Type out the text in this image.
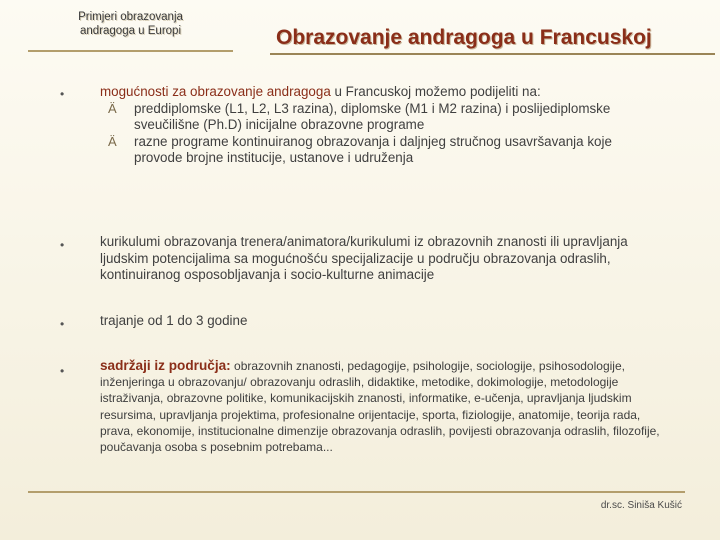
Primjeri obrazovanja
andragoga u Europi	Obrazovanje andragoga u Francuskoj
•	mogućnosti za obrazovanje andragoga u Francuskoj možemo podijeliti na:
Ä preddiplomske (L1, L2, L3 razina), diplomske (M1 i M2 razina) i poslijediplomske sveučilišne (Ph.D) inicijalne obrazovne programe
Ä razne programe kontinuiranog obrazovanja i daljnjeg stručnog usavršavanja koje provode brojne institucije, ustanove i udruženja
•	kurikulumi obrazovanja trenera/animatora/kurikulumi iz obrazovnih znanosti ili upravljanja ljudskim potencijalima sa mogućnošću specijalizacije u području obrazovanja odraslih, kontinuiranog osposobljavanja i socio-kulturne animacije
•	trajanje od 1 do 3 godine
•	sadržaji iz područja: obrazovnih znanosti, pedagogije, psihologije, sociologije, psihosodologije, inženjeringa u obrazovanju/ obrazovanju odraslih, didaktike, metodike, dokimologije, metodologije istraživanja, obrazovne politike, komunikacijskih znanosti, informatike, e-učenja, upravljanja ljudskim resursima, upravljanja projektima, profesionalne orijentacije, sporta, fiziologije, anatomije, teorija rada, prava, ekonomije, institucionalne dimenzije obrazovanja odraslih, povijesti obrazovanja odraslih, filozofije, poučavanja osoba s posebnim potrebama...
dr.sc. Siniša Kušić
